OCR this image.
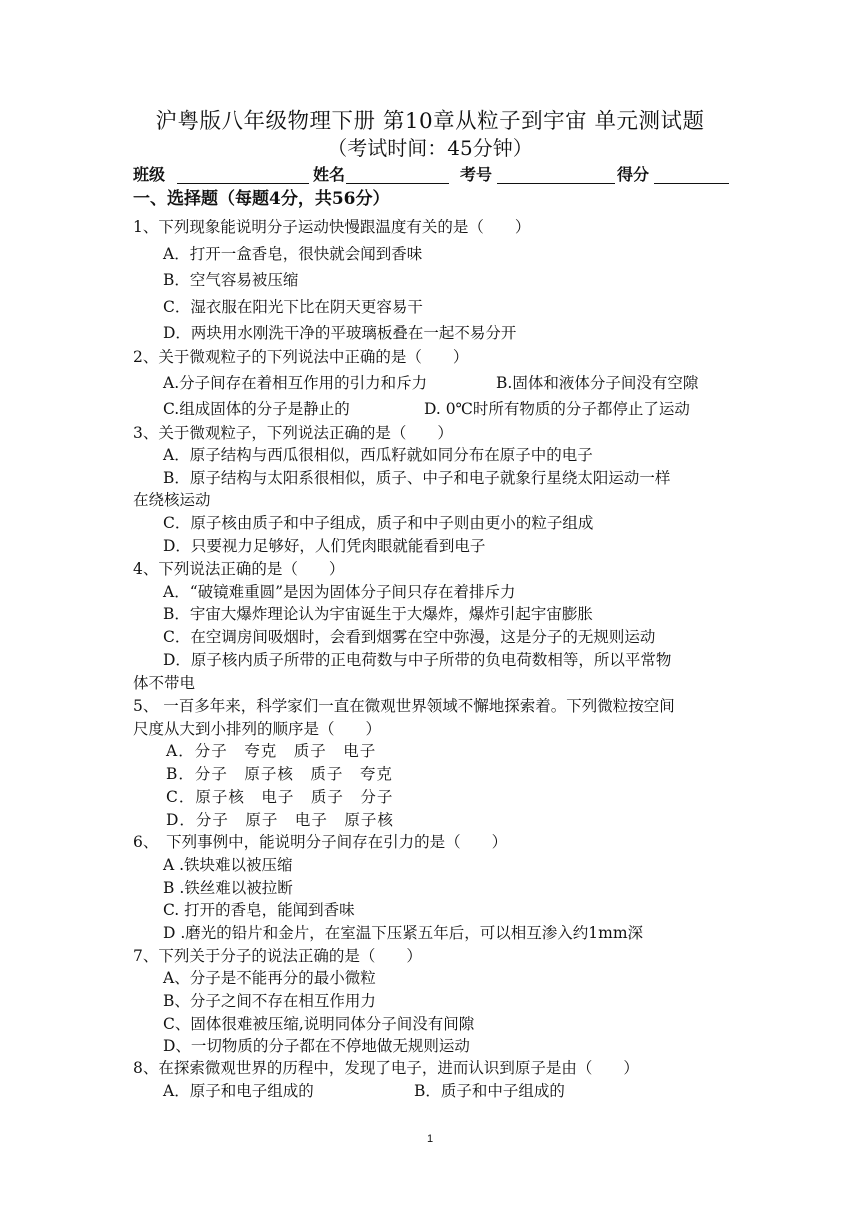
沪粤版八年级物理下册 第10章从粒子到宇宙 单元测试题
（考试时间：45分钟）
班级	姓名	考号	得分
一、选择题（每题4分，共56分）
1、下列现象能说明分子运动快慢跟温度有关的是（　　）
A．打开一盒香皂，很快就会闻到香味
B．空气容易被压缩
C．湿衣服在阳光下比在阴天更容易干
D．两块用水刚洗干净的平玻璃板叠在一起不易分开
2、关于微观粒子的下列说法中正确的是（　　）
A.分子间存在着相互作用的引力和斥力	B.固体和液体分子间没有空隙
C.组成固体的分子是静止的	D. 0℃时所有物质的分子都停止了运动
3、关于微观粒子，下列说法正确的是（　　）
A．原子结构与西瓜很相似，西瓜籽就如同分布在原子中的电子
B．原子结构与太阳系很相似，质子、中子和电子就象行星绕太阳运动一样
在绕核运动
C．原子核由质子和中子组成，质子和中子则由更小的粒子组成
D．只要视力足够好，人们凭肉眼就能看到电子
4、下列说法正确的是（　　）
A．“破镜难重圆”是因为固体分子间只存在着排斥力
B．宇宙大爆炸理论认为宇宙诞生于大爆炸，爆炸引起宇宙膨胀
C．在空调房间吸烟时，会看到烟雾在空中弥漫，这是分子的无规则运动
D．原子核内质子所带的正电荷数与中子所带的负电荷数相等，所以平常物
体不带电
5、 一百多年来，科学家们一直在微观世界领域不懈地探索着。下列微粒按空间
尺度从大到小排列的顺序是（　　）
A．分子　夸克　质子　电子
B．分子　原子核　质子　夸克
C．原子核　电子　质子　分子
D．分子　原子　电子　原子核
6、　下列事例中，能说明分子间存在引力的是（　　）
A .铁块难以被压缩
B .铁丝难以被拉断
C. 打开的香皂，能闻到香味
D .磨光的铅片和金片，在室温下压紧五年后，可以相互渗入约1mm深
7、下列关于分子的说法正确的是（　　）
A、分子是不能再分的最小微粒
B、分子之间不存在相互作用力
C、固体很难被压缩,说明同体分子间没有间隙
D、一切物质的分子都在不停地做无规则运动
8、在探索微观世界的历程中，发现了电子，进而认识到原子是由（　　）
A．原子和电子组成的	B．质子和中子组成的
1
